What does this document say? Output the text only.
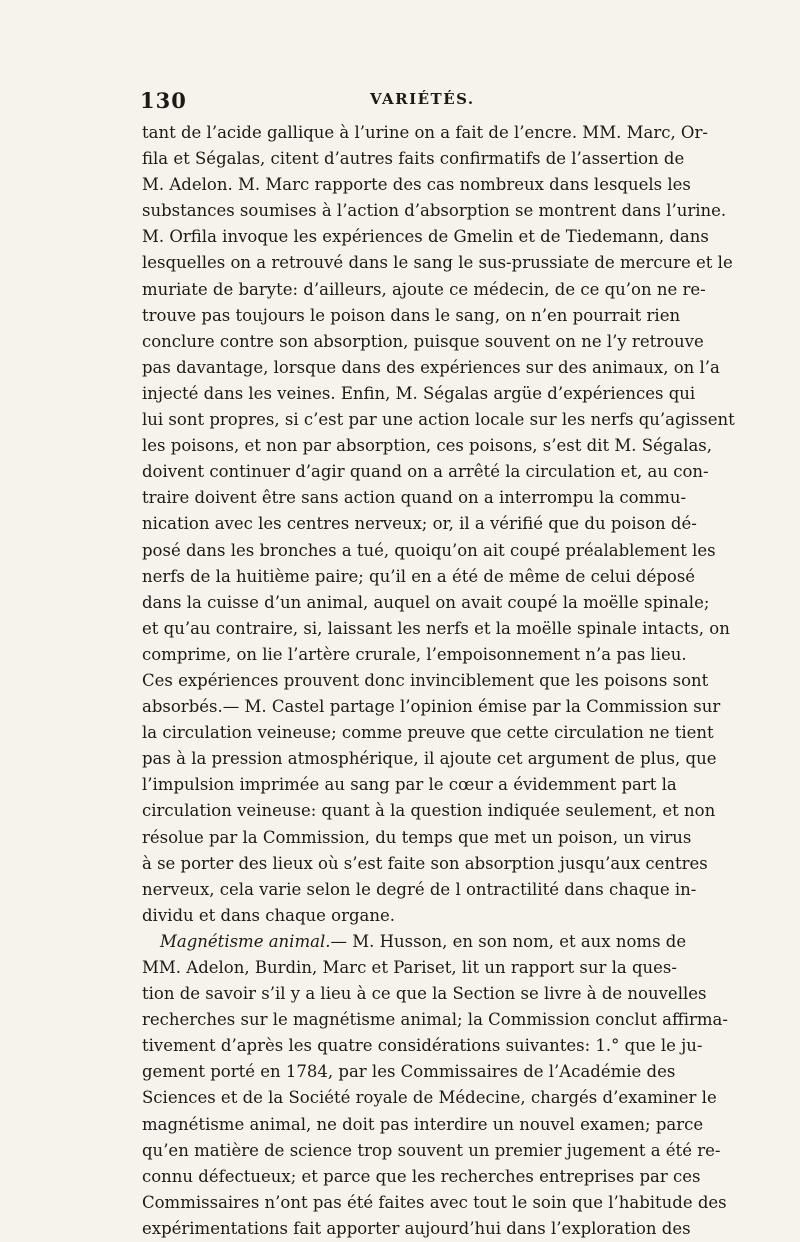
130	VARIÉTÉS.
tant de l’acide gallique à l’urine on a fait de l’encre. MM. Marc, Or-
fila et Ségalas, citent d’autres faits confirmatifs de l’assertion de
M. Adelon. M. Marc rapporte des cas nombreux dans lesquels les
substances soumises à l’action d’absorption se montrent dans l’urine.
M. Orfila invoque les expériences de Gmelin et de Tiedemann, dans
lesquelles on a retrouvé dans le sang le sus-prussiate de mercure et le
muriate de baryte: d’ailleurs, ajoute ce médecin, de ce qu’on ne re-
trouve pas toujours le poison dans le sang, on n’en pourrait rien
conclure contre son absorption, puisque souvent on ne l’y retrouve
pas davantage, lorsque dans des expériences sur des animaux, on l’a
injecté dans les veines. Enfin, M. Ségalas argüe d’expériences qui
lui sont propres, si c’est par une action locale sur les nerfs qu’agissent
les poisons, et non par absorption, ces poisons, s’est dit M. Ségalas,
doivent continuer d’agir quand on a arrêté la circulation et, au con-
traire doivent être sans action quand on a interrompu la commu-
nication avec les centres nerveux; or, il a vérifié que du poison dé-
posé dans les bronches a tué, quoiqu’on ait coupé préalablement les
nerfs de la huitième paire; qu’il en a été de même de celui déposé
dans la cuisse d’un animal, auquel on avait coupé la moëlle spinale;
et qu’au contraire, si, laissant les nerfs et la moëlle spinale intacts, on
comprime, on lie l’artère crurale, l’empoisonnement n’a pas lieu.
Ces expériences prouvent donc invinciblement que les poisons sont
absorbés.— M. Castel partage l’opinion émise par la Commission sur
la circulation veineuse; comme preuve que cette circulation ne tient
pas à la pression atmosphérique, il ajoute cet argument de plus, que
l’impulsion imprimée au sang par le cœur a évidemment part la
circulation veineuse: quant à la question indiquée seulement, et non
résolue par la Commission, du temps que met un poison, un virus
à se porter des lieux où s’est faite son absorption jusqu’aux centres
nerveux, cela varie selon le degré de l ontractilité dans chaque in-
dividu et dans chaque organe.
Magnétisme animal.— M. Husson, en son nom, et aux noms de
MM. Adelon, Burdin, Marc et Pariset, lit un rapport sur la ques-
tion de savoir s’il y a lieu à ce que la Section se livre à de nouvelles
recherches sur le magnétisme animal; la Commission conclut affirma-
tivement d’après les quatre considérations suivantes: 1.° que le ju-
gement porté en 1784, par les Commissaires de l’Académie des
Sciences et de la Société royale de Médecine, chargés d’examiner le
magnétisme animal, ne doit pas interdire un nouvel examen; parce
qu’en matière de science trop souvent un premier jugement a été re-
connu défectueux; et parce que les recherches entreprises par ces
Commissaires n’ont pas été faites avec tout le soin que l’habitude des
expérimentations fait apporter aujourd’hui dans l’exploration des
